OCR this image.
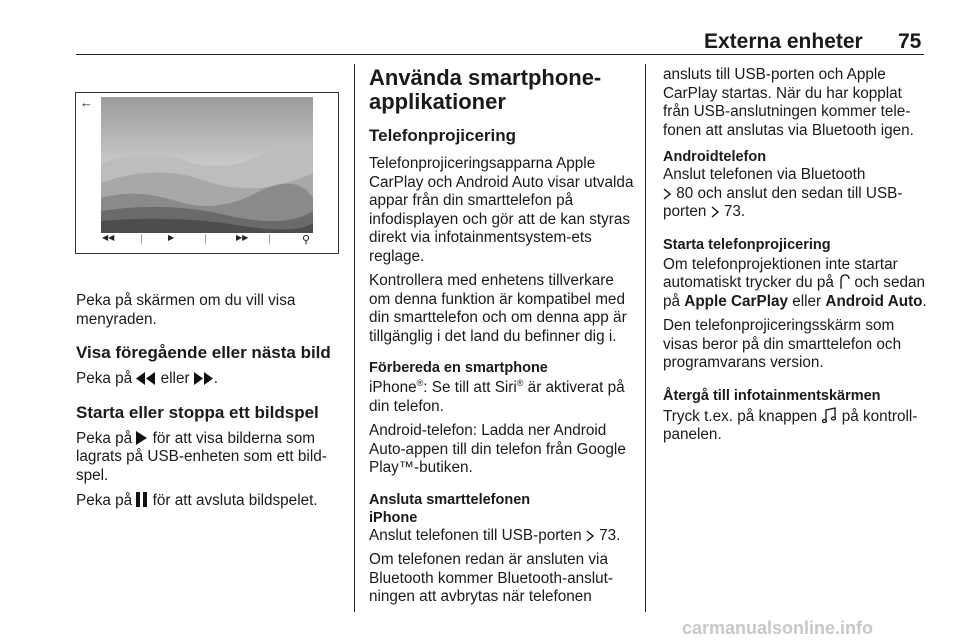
Externa enheter 75
←
◀◀ |	▶	|	▶▶ |	⚲

Peka på skärmen om du vill visa menyraden.

Visa föregående eller nästa bild

Peka på eller .

Starta eller stoppa ett bildspel

Peka på för att visa bilderna som lagrats på USB-enheten som ett bild-spel.

Peka på för att avsluta bildspelet.

Använda smartphone-applikationer
Telefonprojicering

Telefonprojiceringsapparna Apple CarPlay och Android Auto visar utvalda appar från din smarttelefon på infodisplayen och gör att de kan styras direkt via infotainmentsystem-ets reglage.

Kontrollera med enhetens tillverkare om denna funktion är kompatibel med din smarttelefon och om denna app är tillgänglig i det land du befinner dig i.

Förbereda en smartphone

iPhone®: Se till att Siri® är aktiverat på din telefon.

Android-telefon: Ladda ner Android Auto-appen till din telefon från Google Play™-butiken.

Ansluta smarttelefonen
iPhone

Anslut telefonen till USB-porten 73.

Om telefonen redan är ansluten via Bluetooth kommer Bluetooth-anslut-ningen att avbrytas när telefonen

ansluts till USB-porten och Apple CarPlay startas. När du har kopplat från USB-anslutningen kommer tele-fonen att anslutas via Bluetooth igen.

Androidtelefon

Anslut telefonen via Bluetooth
80 och anslut den sedan till USB-porten 73.

Starta telefonprojicering

Om telefonprojektionen inte startar automatiskt trycker du på och sedan på Apple CarPlay eller Android Auto.

Den telefonprojiceringsskärm som visas beror på din smarttelefon och programvarans version.

Återgå till infotainmentskärmen

Tryck t.ex. på knappen på kontroll-panelen.

carmanualsonline.info
